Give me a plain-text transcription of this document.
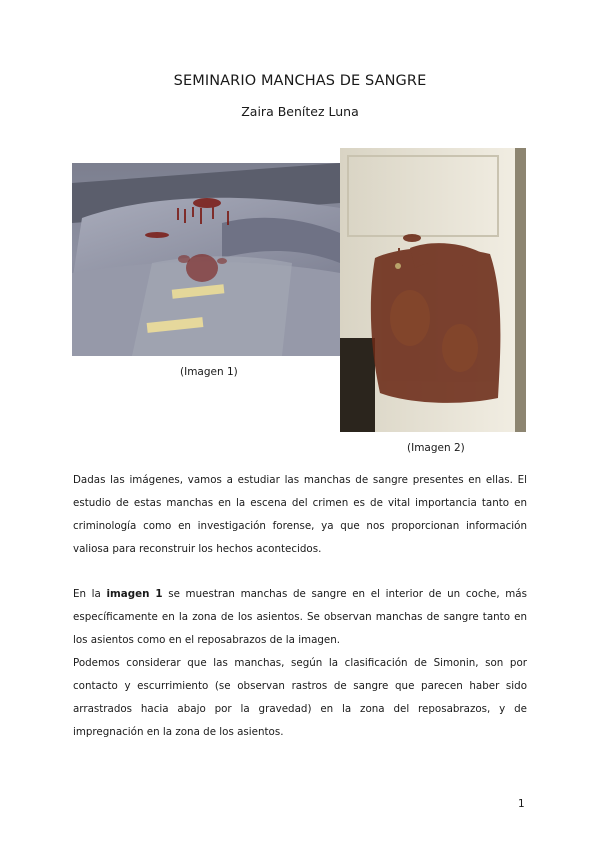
SEMINARIO MANCHAS DE SANGRE
Zaira Benítez Luna
(Imagen 1)
(Imagen 2)

Dadas las imágenes, vamos a estudiar las manchas de sangre presentes en ellas. El estudio de estas manchas en la escena del crimen es de vital importancia tanto en criminología como en investigación forense, ya que nos proporcionan información valiosa para reconstruir los hechos acontecidos.

En la imagen 1 se muestran manchas de sangre en el interior de un coche, más específicamente en la zona de los asientos. Se observan manchas de sangre tanto en los asientos como en el reposabrazos de la imagen.

Podemos considerar que las manchas, según la clasificación de Simonin, son por contacto y escurrimiento (se observan rastros de sangre que parecen haber sido arrastrados hacia abajo por la gravedad) en la zona del reposabrazos, y de impregnación en la zona de los asientos.

1
